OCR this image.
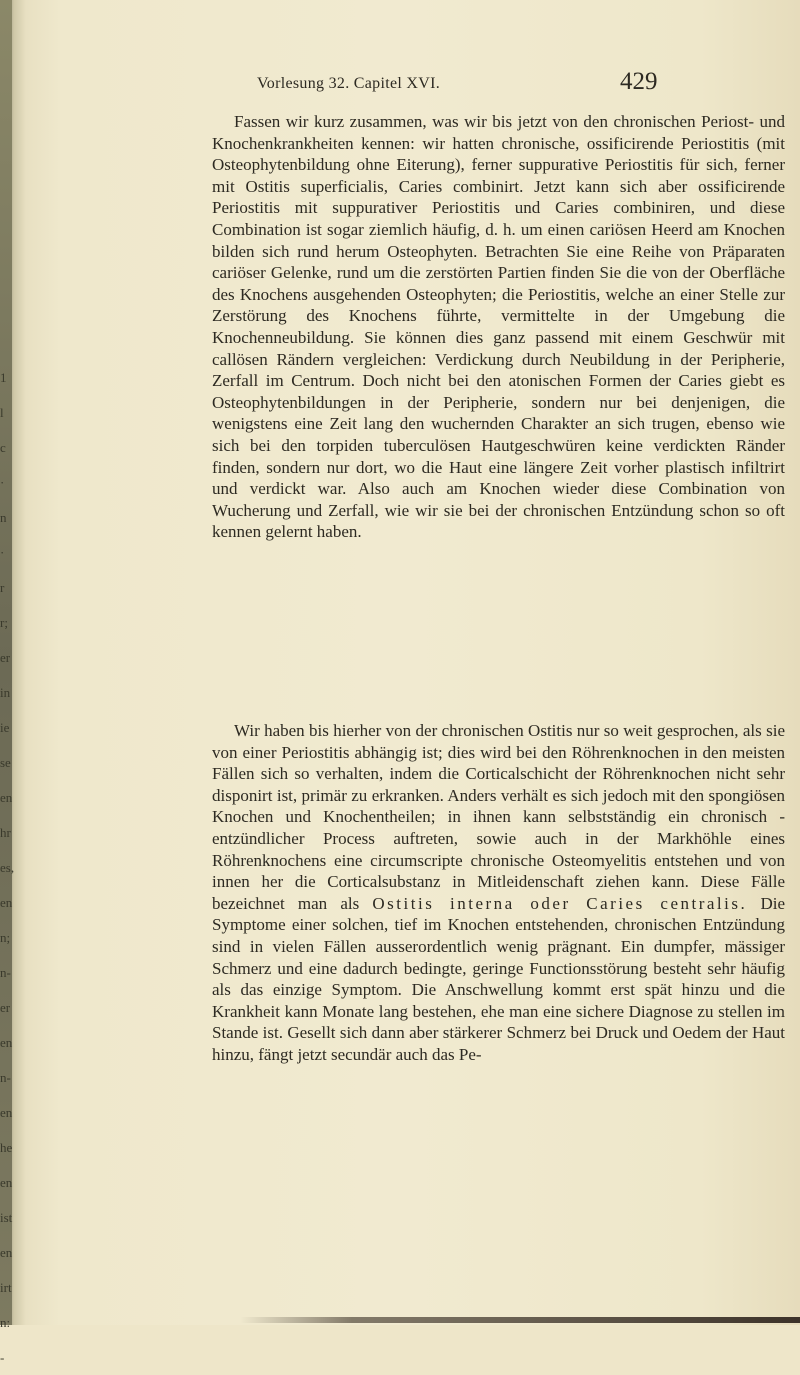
1
l
c
·
n
·
r
r;
er
in
ie
se
en
hr
es,
en
n;
n-
er
en
n-
en
he
en
ist
en
irt
n:
-
Vorlesung 32. Capitel XVI.	429

Fassen wir kurz zusammen, was wir bis jetzt von den chronischen Periost- und Knochenkrankheiten kennen: wir hatten chronische, ossificirende Periostitis (mit Osteophytenbildung ohne Eiterung), ferner suppurative Periostitis für sich, ferner mit Ostitis superficialis, Caries combinirt. Jetzt kann sich aber ossificirende Periostitis mit suppurativer Periostitis und Caries combiniren, und diese Combination ist sogar ziemlich häufig, d. h. um einen cariösen Heerd am Knochen bilden sich rund herum Osteophyten. Betrachten Sie eine Reihe von Präparaten cariöser Gelenke, rund um die zerstörten Partien finden Sie die von der Oberfläche des Knochens ausgehenden Osteophyten; die Periostitis, welche an einer Stelle zur Zerstörung des Knochens führte, vermittelte in der Umgebung die Knochenneubildung. Sie können dies ganz passend mit einem Geschwür mit callösen Rändern vergleichen: Verdickung durch Neubildung in der Peripherie, Zerfall im Centrum. Doch nicht bei den atonischen Formen der Caries giebt es Osteophytenbildungen in der Peripherie, sondern nur bei denjenigen, die wenigstens eine Zeit lang den wuchernden Charakter an sich trugen, ebenso wie sich bei den torpiden tuberculösen Hautgeschwüren keine verdickten Ränder finden, sondern nur dort, wo die Haut eine längere Zeit vorher plastisch infiltrirt und verdickt war. Also auch am Knochen wieder diese Combination von Wucherung und Zerfall, wie wir sie bei der chronischen Entzündung schon so oft kennen gelernt haben.

Wir haben bis hierher von der chronischen Ostitis nur so weit gesprochen, als sie von einer Periostitis abhängig ist; dies wird bei den Röhrenknochen in den meisten Fällen sich so verhalten, indem die Corticalschicht der Röhrenknochen nicht sehr disponirt ist, primär zu erkranken. Anders verhält es sich jedoch mit den spongiösen Knochen und Knochentheilen; in ihnen kann selbstständig ein chronisch - entzündlicher Process auftreten, sowie auch in der Markhöhle eines Röhrenknochens eine circumscripte chronische Osteomyelitis entstehen und von innen her die Corticalsubstanz in Mitleidenschaft ziehen kann. Diese Fälle bezeichnet man als Ostitis interna oder Caries centralis. Die Symptome einer solchen, tief im Knochen entstehenden, chronischen Entzündung sind in vielen Fällen ausserordentlich wenig prägnant. Ein dumpfer, mässiger Schmerz und eine dadurch bedingte, geringe Functionsstörung besteht sehr häufig als das einzige Symptom. Die Anschwellung kommt erst spät hinzu und die Krankheit kann Monate lang bestehen, ehe man eine sichere Diagnose zu stellen im Stande ist. Gesellt sich dann aber stärkerer Schmerz bei Druck und Oedem der Haut hinzu, fängt jetzt secundär auch das Pe-
